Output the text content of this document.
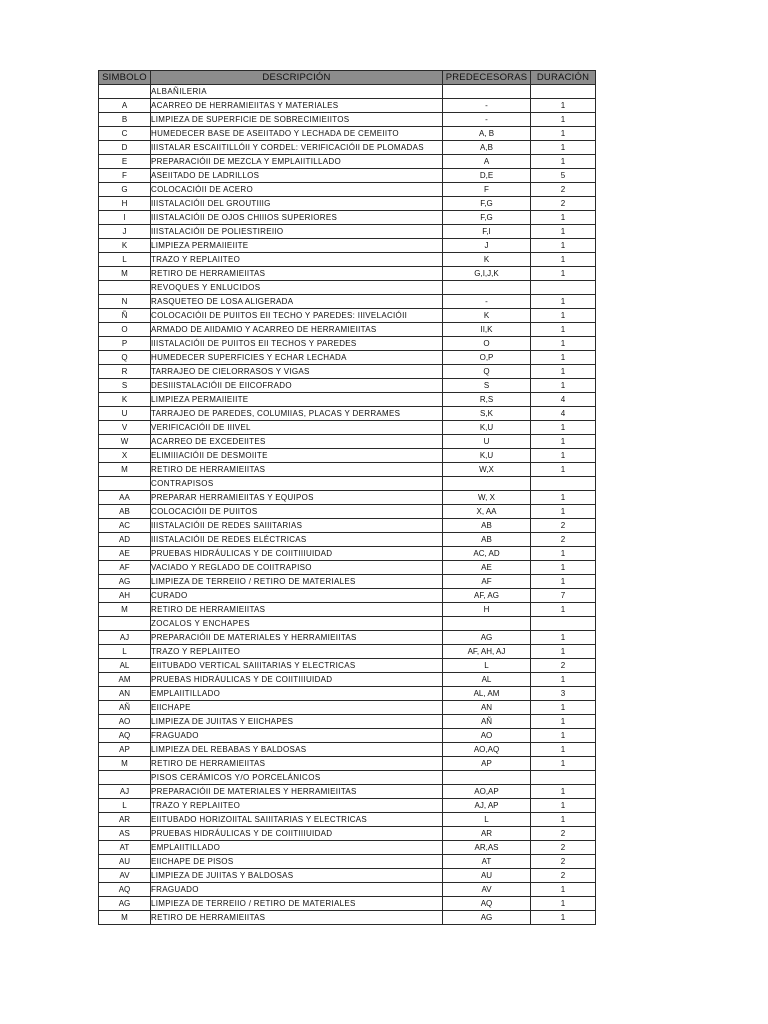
SIMBOLO	DESCRIPCIÓN	PREDECESORAS	DURACIÓN
	ALBAÑILERIA		
A	ACARREO DE HERRAMIEIITAS Y MATERIALES	-	1
B	LIMPIEZA DE SUPERFICIE DE SOBRECIMIEIITOS	-	1
C	HUMEDECER BASE DE ASEIITADO Y LECHADA DE CEMEIITO	A, B	1
D	IIISTALAR ESCAIITILLÓII Y CORDEL: VERIFICACIÓII DE PLOMADAS	A,B	1
E	PREPARACIÓII DE MEZCLA Y EMPLAIITILLADO	A	1
F	ASEIITADO DE LADRILLOS	D,E	5
G	COLOCACIÓII DE ACERO	F	2
H	IIISTALACIÓII DEL GROUTIIIG	F,G	2
I	IIISTALACIÓII DE OJOS CHIIIOS SUPERIORES	F,G	1
J	IIISTALACIÓII DE POLIESTIREIIO	F,I	1
K	LIMPIEZA PERMAIIEIITE	J	1
L	TRAZO Y REPLAIITEO	K	1
M	RETIRO DE HERRAMIEIITAS	G,I,J,K	1
	REVOQUES Y ENLUCIDOS		
N	RASQUETEO DE LOSA ALIGERADA	-	1
Ñ	COLOCACIÓII DE PUIITOS EII TECHO Y PAREDES: IIIVELACIÓII	K	1
O	ARMADO DE AIIDAMIO Y ACARREO DE HERRAMIEIITAS	II,K	1
P	IIISTALACIÓII DE PUIITOS EII TECHOS Y PAREDES	O	1
Q	HUMEDECER SUPERFICIES Y ECHAR LECHADA	O,P	1
R	TARRAJEO DE CIELORRASOS Y VIGAS	Q	1
S	DESIIISTALACIÓII DE EIICOFRADO	S	1
K	LIMPIEZA PERMAIIEIITE	R,S	4
U	TARRAJEO DE PAREDES, COLUMIIAS, PLACAS Y DERRAMES	S,K	4
V	VERIFICACIÓII DE IIIVEL	K,U	1
W	ACARREO DE EXCEDEIITES	U	1
X	ELIMIIIACIÓII DE DESMOIITE	K,U	1
M	RETIRO DE HERRAMIEIITAS	W,X	1
	CONTRAPISOS		
AA	PREPARAR HERRAMIEIITAS Y EQUIPOS	W, X	1
AB	COLOCACIÓII DE PUIITOS	X, AA	1
AC	IIISTALACIÓII DE REDES SAIIITARIAS	AB	2
AD	IIISTALACIÓII DE REDES ELÉCTRICAS	AB	2
AE	PRUEBAS HIDRÁULICAS Y DE COIITIIIUIDAD	AC, AD	1
AF	VACIADO Y REGLADO DE COIITRAPISO	AE	1
AG	LIMPIEZA DE TERREIIO / RETIRO DE MATERIALES	AF	1
AH	CURADO	AF, AG	7
M	RETIRO DE HERRAMIEIITAS	H	1
	ZOCALOS Y ENCHAPES		
AJ	PREPARACIÓII DE MATERIALES Y HERRAMIEIITAS	AG	1
L	TRAZO Y REPLAIITEO	AF, AH, AJ	1
AL	EIITUBADO VERTICAL SAIIITARIAS Y ELECTRICAS	L	2
AM	PRUEBAS HIDRÁULICAS Y DE COIITIIIUIDAD	AL	1
AN	EMPLAIITILLADO	AL, AM	3
AÑ	EIICHAPE	AN	1
AO	LIMPIEZA DE JUIITAS Y EIICHAPES	AÑ	1
AQ	FRAGUADO	AO	1
AP	LIMPIEZA DEL REBABAS Y BALDOSAS	AO,AQ	1
M	RETIRO DE HERRAMIEIITAS	AP	1
	PISOS CERÁMICOS Y/O PORCELÁNICOS		
AJ	PREPARACIÓII DE MATERIALES Y HERRAMIEIITAS	AO,AP	1
L	TRAZO Y REPLAIITEO	AJ, AP	1
AR	EIITUBADO HORIZOIITAL SAIIITARIAS Y ELECTRICAS	L	1
AS	PRUEBAS HIDRÁULICAS Y DE COIITIIIUIDAD	AR	2
AT	EMPLAIITILLADO	AR,AS	2
AU	EIICHAPE DE PISOS	AT	2
AV	LIMPIEZA DE JUIITAS Y BALDOSAS	AU	2
AQ	FRAGUADO	AV	1
AG	LIMPIEZA DE TERREIIO / RETIRO DE MATERIALES	AQ	1
M	RETIRO DE HERRAMIEIITAS	AG	1
